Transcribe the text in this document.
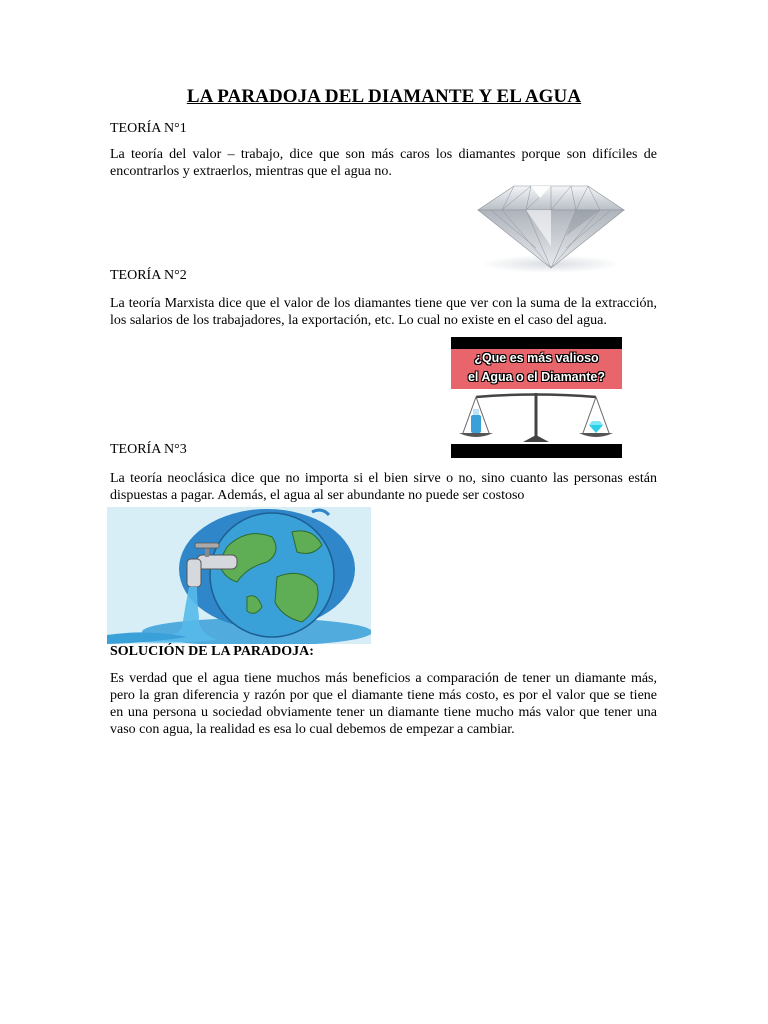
LA PARADOJA DEL DIAMANTE Y EL AGUA
TEORÍA N°1

La teoría del valor – trabajo, dice que son más caros los diamantes porque son difíciles de encontrarlos y extraerlos, mientras que el agua no.

TEORÍA N°2

La teoría Marxista dice que el valor de los diamantes tiene que ver con la suma de la extracción, los salarios de los trabajadores, la exportación, etc. Lo cual no existe en el caso del agua.

¿Que es más valioso
el Agua o el Diamante?
TEORÍA N°3

La teoría neoclásica dice que no importa si el bien sirve o no, sino cuanto las personas están dispuestas a pagar. Además, el agua al ser abundante no puede ser costoso

SOLUCIÓN DE LA PARADOJA:

Es verdad que el agua tiene muchos más beneficios a comparación de tener un diamante más, pero la gran diferencia y razón por que el diamante tiene más costo, es por el valor que se tiene en una persona u sociedad obviamente tener un diamante tiene mucho más valor que tener una vaso con agua, la realidad es esa lo cual debemos de empezar a cambiar.
